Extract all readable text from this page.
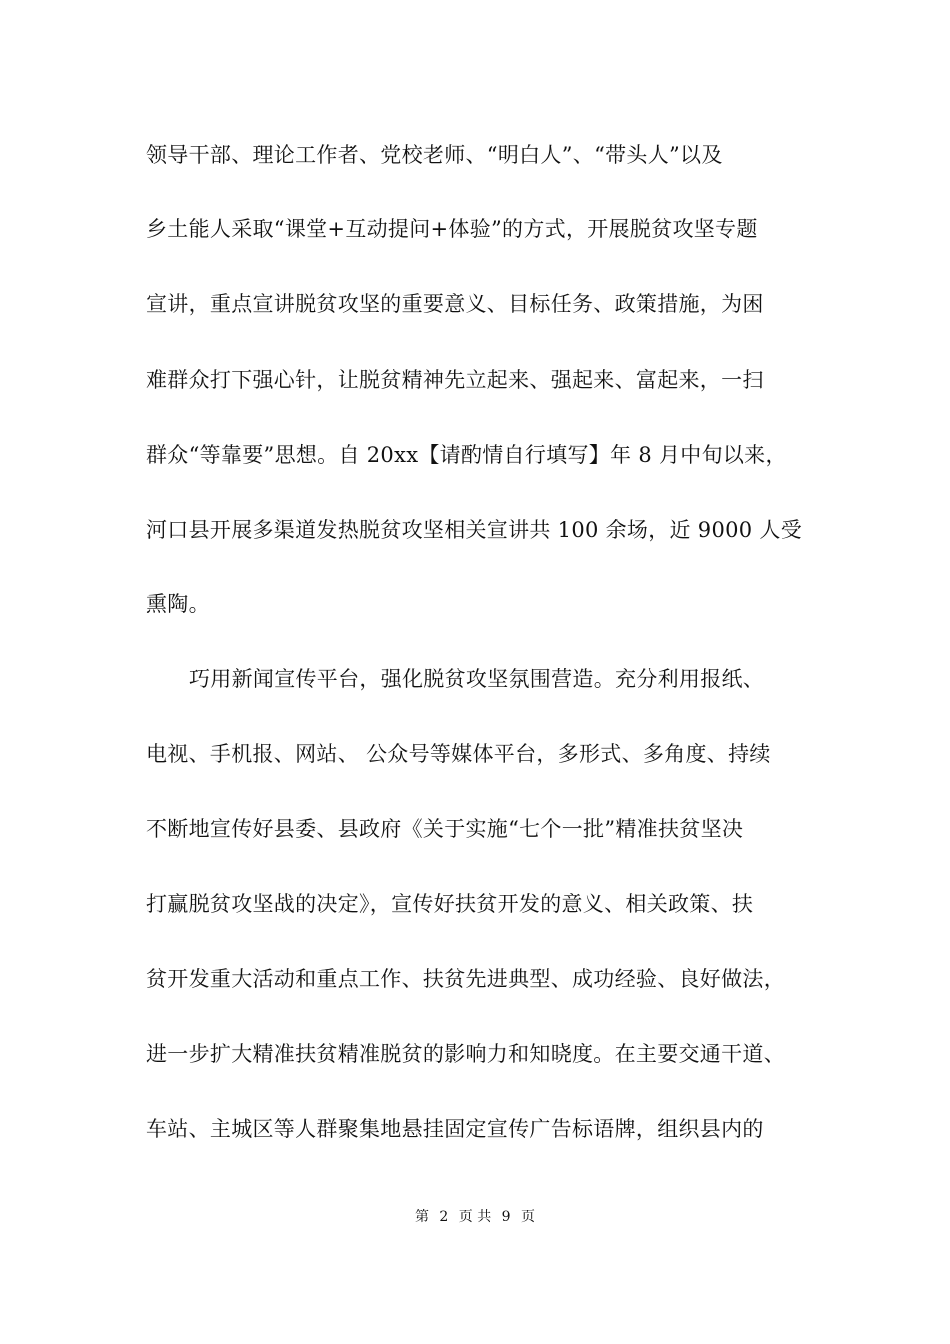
领导干部、理论工作者、党校老师、“明白人”、“带头人”以及
乡土能人采取“课堂+互动提问+体验”的方式，开展脱贫攻坚专题
宣讲，重点宣讲脱贫攻坚的重要意义、目标任务、政策措施，为困
难群众打下强心针，让脱贫精神先立起来、强起来、富起来，一扫
群众“等靠要”思想。自 20xx【请酌情自行填写】年 8 月中旬以来，
河口县开展多渠道发热脱贫攻坚相关宣讲共 100 余场，近 9000 人受
熏陶。
巧用新闻宣传平台，强化脱贫攻坚氛围营造。充分利用报纸、
电视、手机报、网站、 公众号等媒体平台，多形式、多角度、持续
不断地宣传好县委、县政府《关于实施“七个一批”精准扶贫坚决
打赢脱贫攻坚战的决定》，宣传好扶贫开发的意义、相关政策、扶
贫开发重大活动和重点工作、扶贫先进典型、成功经验、良好做法，
进一步扩大精准扶贫精准脱贫的影响力和知晓度。在主要交通干道、
车站、主城区等人群聚集地悬挂固定宣传广告标语牌，组织县内的
第 2 页 共 9 页
